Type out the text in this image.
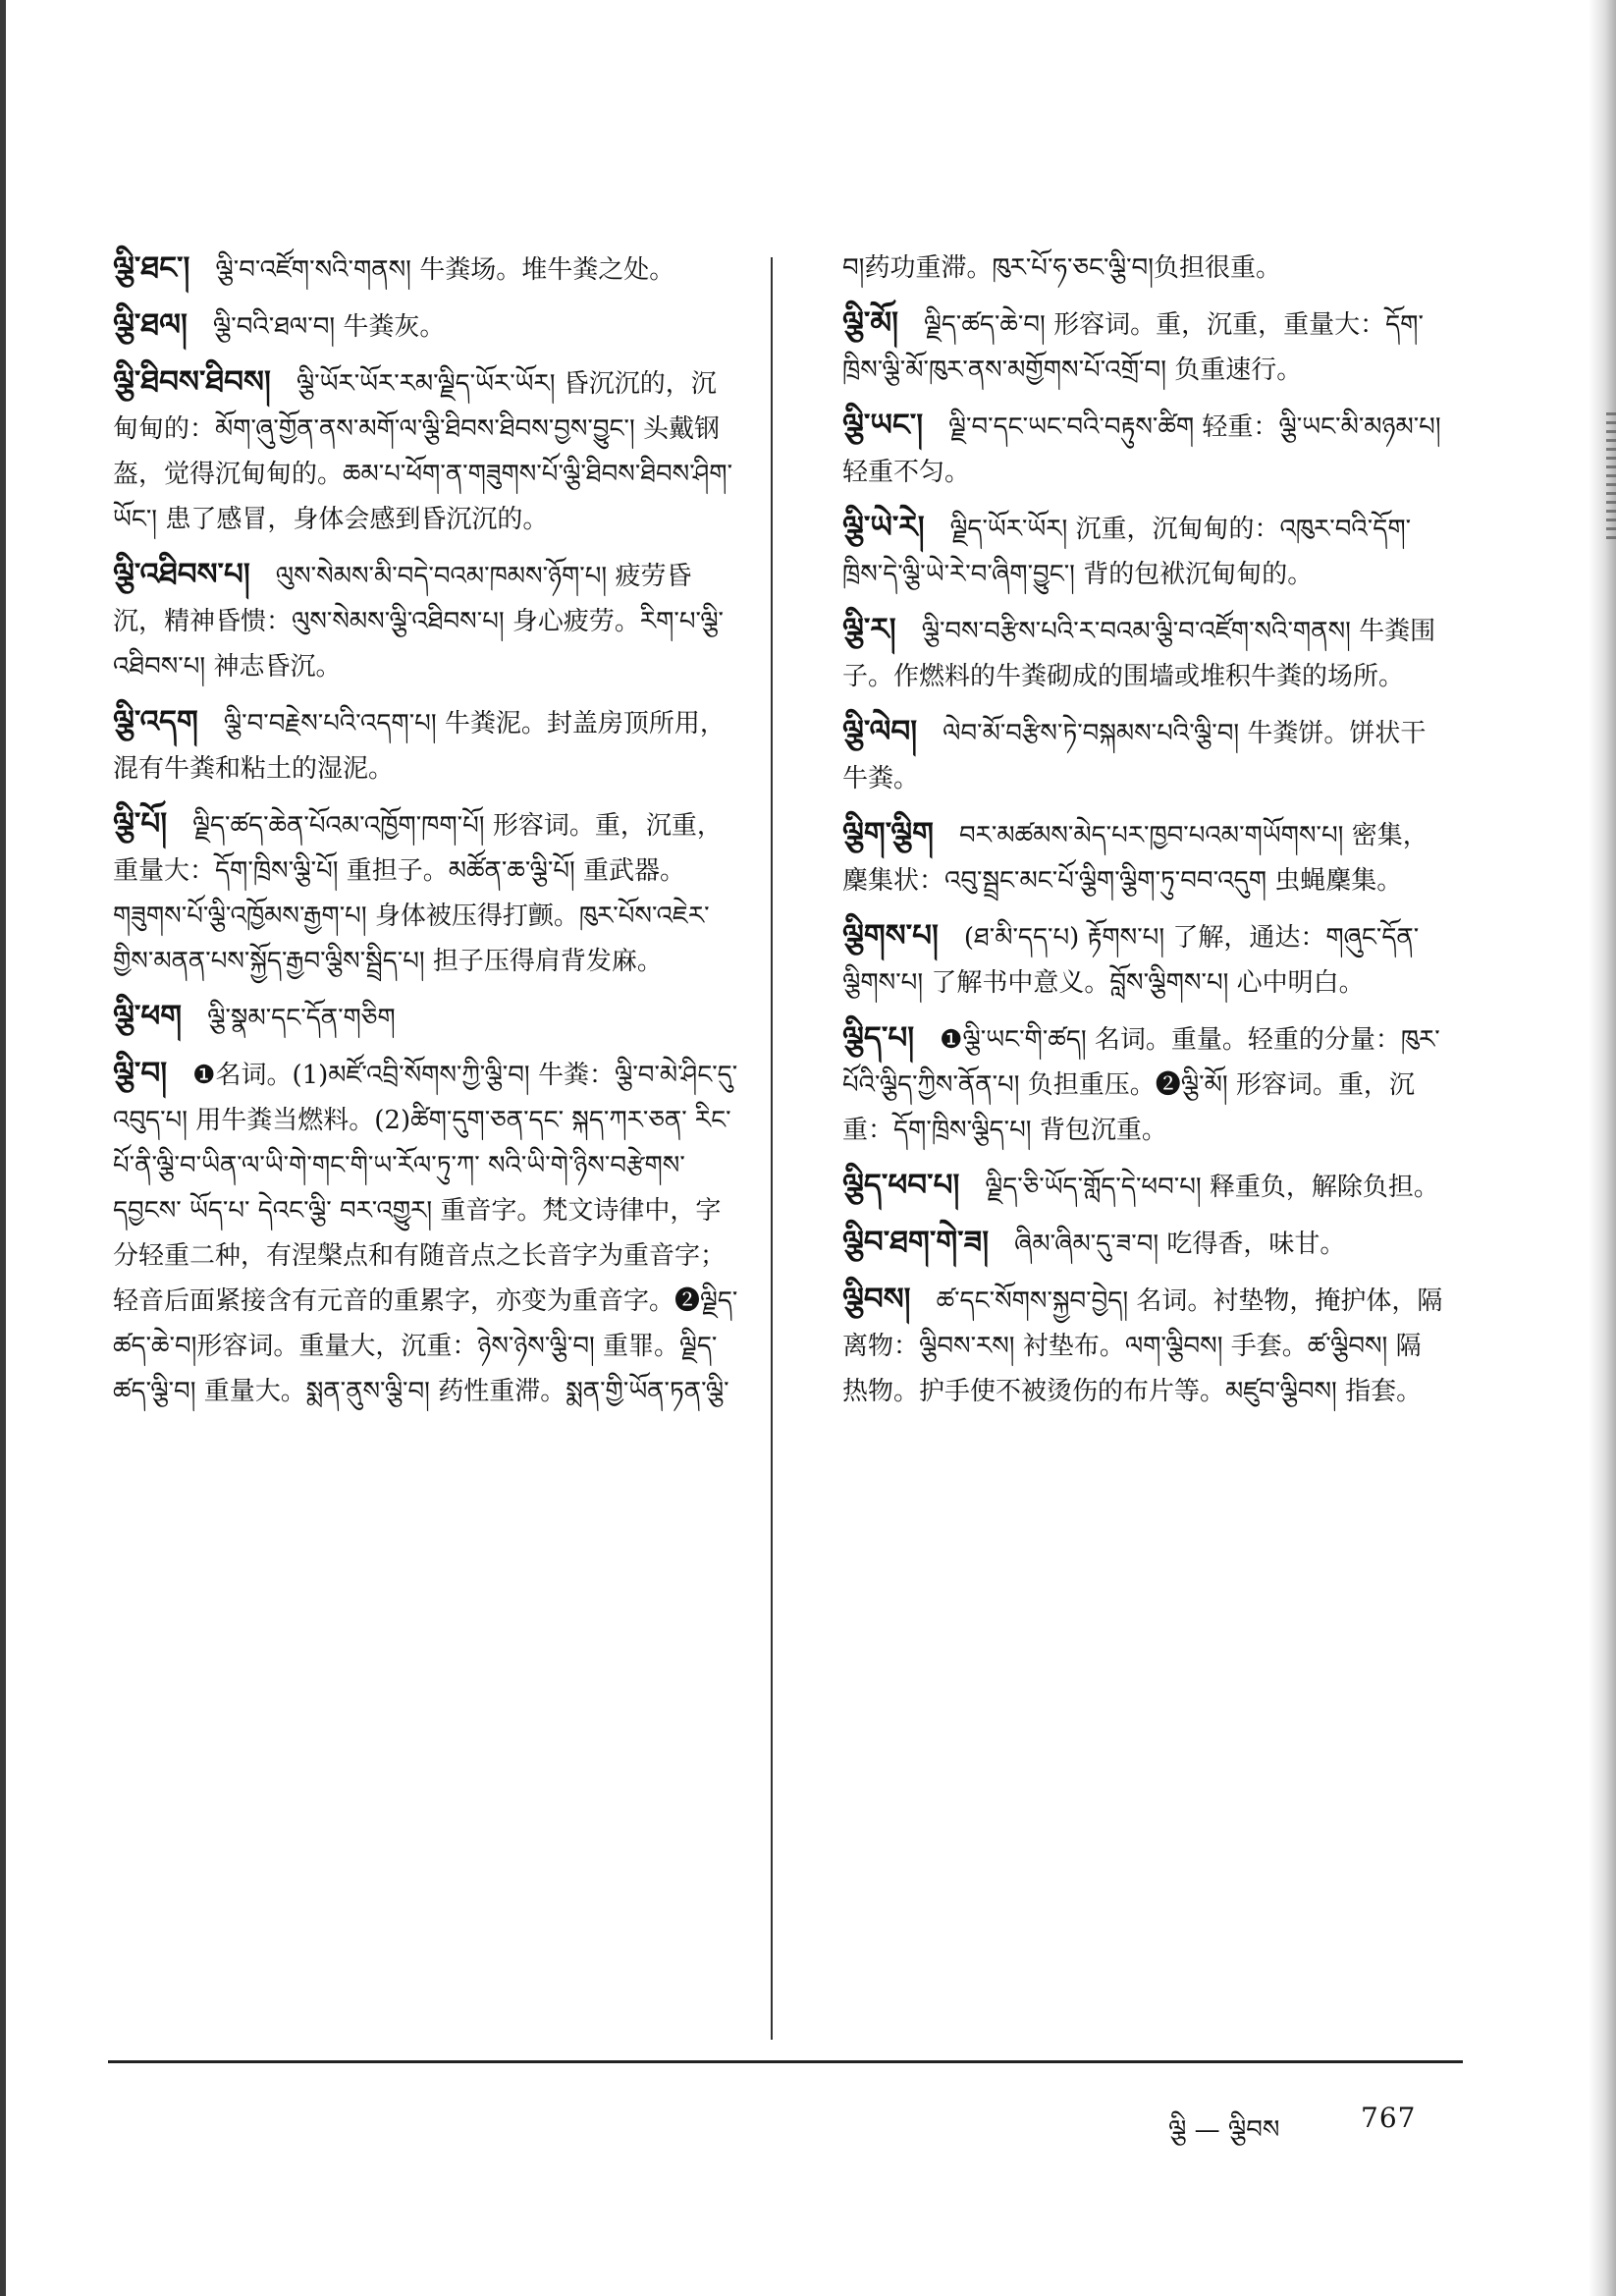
ལྕི་ཐང་། ལྕི་བ་འཛོག་སའི་གནས། 牛粪场。堆牛粪之处。
ལྕི་ཐལ། ལྕི་བའི་ཐལ་བ། 牛粪灰。
ལྕི་ཐིབས་ཐིབས། ལྕི་ཡོར་ཡོར་རམ་ལྗིད་ཡོར་ཡོར། 昏沉沉的，沉甸甸的：མོག་ཞུ་གྱོན་ནས་མགོ་ལ་ལྕི་ཐིབས་ཐིབས་བྱས་བྱུང་། 头戴钢盔，觉得沉甸甸的。ཆམ་པ་ཕོག་ན་གཟུགས་པོ་ལྕི་ཐིབས་ཐིབས་ཤིག་ཡོང་། 患了感冒，身体会感到昏沉沉的。
ལྕི་འཐིབས་པ། ལུས་སེམས་མི་བདེ་བའམ་ཁམས་ཉོག་པ། 疲劳昏沉，精神昏愦：ལུས་སེམས་ལྕི་འཐིབས་པ། 身心疲劳。རིག་པ་ལྕི་འཐིབས་པ། 神志昏沉。
ལྕི་འདག ལྕི་བ་བརྗེས་པའི་འདག་པ། 牛粪泥。封盖房顶所用，混有牛粪和粘土的湿泥。
ལྕི་པོ། ལྗིད་ཚད་ཆེན་པོའམ་འཁྱོག་ཁག་པོ། 形容词。重，沉重，重量大：དོག་ཁྲིས་ལྕི་པོ། 重担子。མཚོན་ཆ་ལྕི་པོ། 重武器。གཟུགས་པོ་ལྕི་འཁྱོམས་རྒྱག་པ། 身体被压得打颤。ཁུར་པོས་འཇེར་གྱིས་མནན་པས་སྐྱོད་རྒྱབ་ལྕིས་སྦྲིད་པ། 担子压得肩背发麻。
ལྕི་ཕག ལྕི་སྣམ་དང་དོན་གཅིག
ལྕི་བ། ❶名词。(1)མཛོ་འབྲི་སོགས་ཀྱི་ལྕི་བ། 牛粪：ལྕི་བ་མེ་ཤིང་དུ་འབུད་པ། 用牛粪当燃料。(2)ཚིག་དུག་ཅན་དང་ སྐད་ཀར་ཅན་ རིང་པོ་ནི་ལྕི་བ་ཡིན་ལ་ཡི་གེ་གང་གི་ཡ་རོལ་ཏུ་ཀ་ སའི་ཡི་གེ་ཉིས་བརྩེགས་ དབྱངས་ ཡོད་པ་ དེའང་ལྕི་ བར་འགྱུར། 重音字。梵文诗律中，字分轻重二种，有涅槃点和有随音点之长音字为重音字；轻音后面紧接含有元音的重累字，亦变为重音字。❷ལྗིད་ཚད་ཆེ་བ།形容词。重量大，沉重：ཉེས་ཉེས་ལྕི་བ། 重罪。ལྗིད་ཚད་ལྕི་བ། 重量大。སྨན་ནུས་ལྕི་བ། 药性重滞。སྨན་གྱི་ཡོན་ཏན་ལྕི་
བ།药功重滞。ཁུར་པོ་ཧ་ཅང་ལྕི་བ།负担很重。
ལྕི་མོ། ལྗིད་ཚད་ཆེ་བ། 形容词。重，沉重，重量大：དོག་ཁྲིས་ལྕི་མོ་ཁུར་ནས་མགྱོགས་པོ་འགྲོ་བ། 负重速行。
ལྕི་ཡང་། ལྗི་བ་དང་ཡང་བའི་བརྟུས་ཚིག 轻重：ལྕི་ཡང་མི་མཉམ་པ། 轻重不匀。
ལྕི་ཡེ་རེ། ལྗིད་ཡོར་ཡོར། 沉重，沉甸甸的：འཁུར་བའི་དོག་ཁྲིས་དེ་ལྕི་ཡེ་རེ་བ་ཞིག་བྱུང་། 背的包袱沉甸甸的。
ལྕི་ར། ལྕི་བས་བརྩིས་པའི་ར་བའམ་ལྕི་བ་འཛོག་སའི་གནས། 牛粪围子。作燃料的牛粪砌成的围墙或堆积牛粪的场所。
ལྕི་ལེབ། ལེབ་མོ་བརྩིས་ཏེ་བསྐམས་པའི་ལྕི་བ། 牛粪饼。饼状干牛粪。
ལྕིག་ལྕིག བར་མཚམས་མེད་པར་ཁྱབ་པའམ་གཡོགས་པ། 密集，麇集状：འབུ་སྦྲང་མང་པོ་ལྕིག་ལྕིག་ཏུ་བབ་འདུག 虫蝇麇集。
ལྕིགས་པ། (ཐ་མི་དད་པ) རྟོགས་པ། 了解，通达：གཞུང་དོན་ལྕིགས་པ། 了解书中意义。བློས་ལྕིགས་པ། 心中明白。
ལྕིད་པ། ❶ལྕི་ཡང་གི་ཚད། 名词。重量。轻重的分量：ཁུར་པོའི་ལྕིད་ཀྱིས་ནོན་པ། 负担重压。❷ལྕི་མོ། 形容词。重，沉重：དོག་ཁྲིས་ལྕིད་པ། 背包沉重。
ལྕིད་ཕབ་པ། ལྗིད་ཅི་ཡོད་གློད་དེ་ཕབ་པ། 释重负，解除负担。
ལྕིབ་ཐག་གེ་ཟ། ཞིམ་ཞིམ་དུ་ཟ་བ། 吃得香，味甘。
ལྕིབས། ཚ་དང་སོགས་སྐྱབ་བྱེད། 名词。衬垫物，掩护体，隔离物：ལྕིབས་རས། 衬垫布。ལག་ལྕིབས། 手套。ཚ་ལྕིབས། 隔热物。护手使不被烫伤的布片等。མཛུབ་ལྕིབས། 指套。
ལྕི — ལྕིབས	767
